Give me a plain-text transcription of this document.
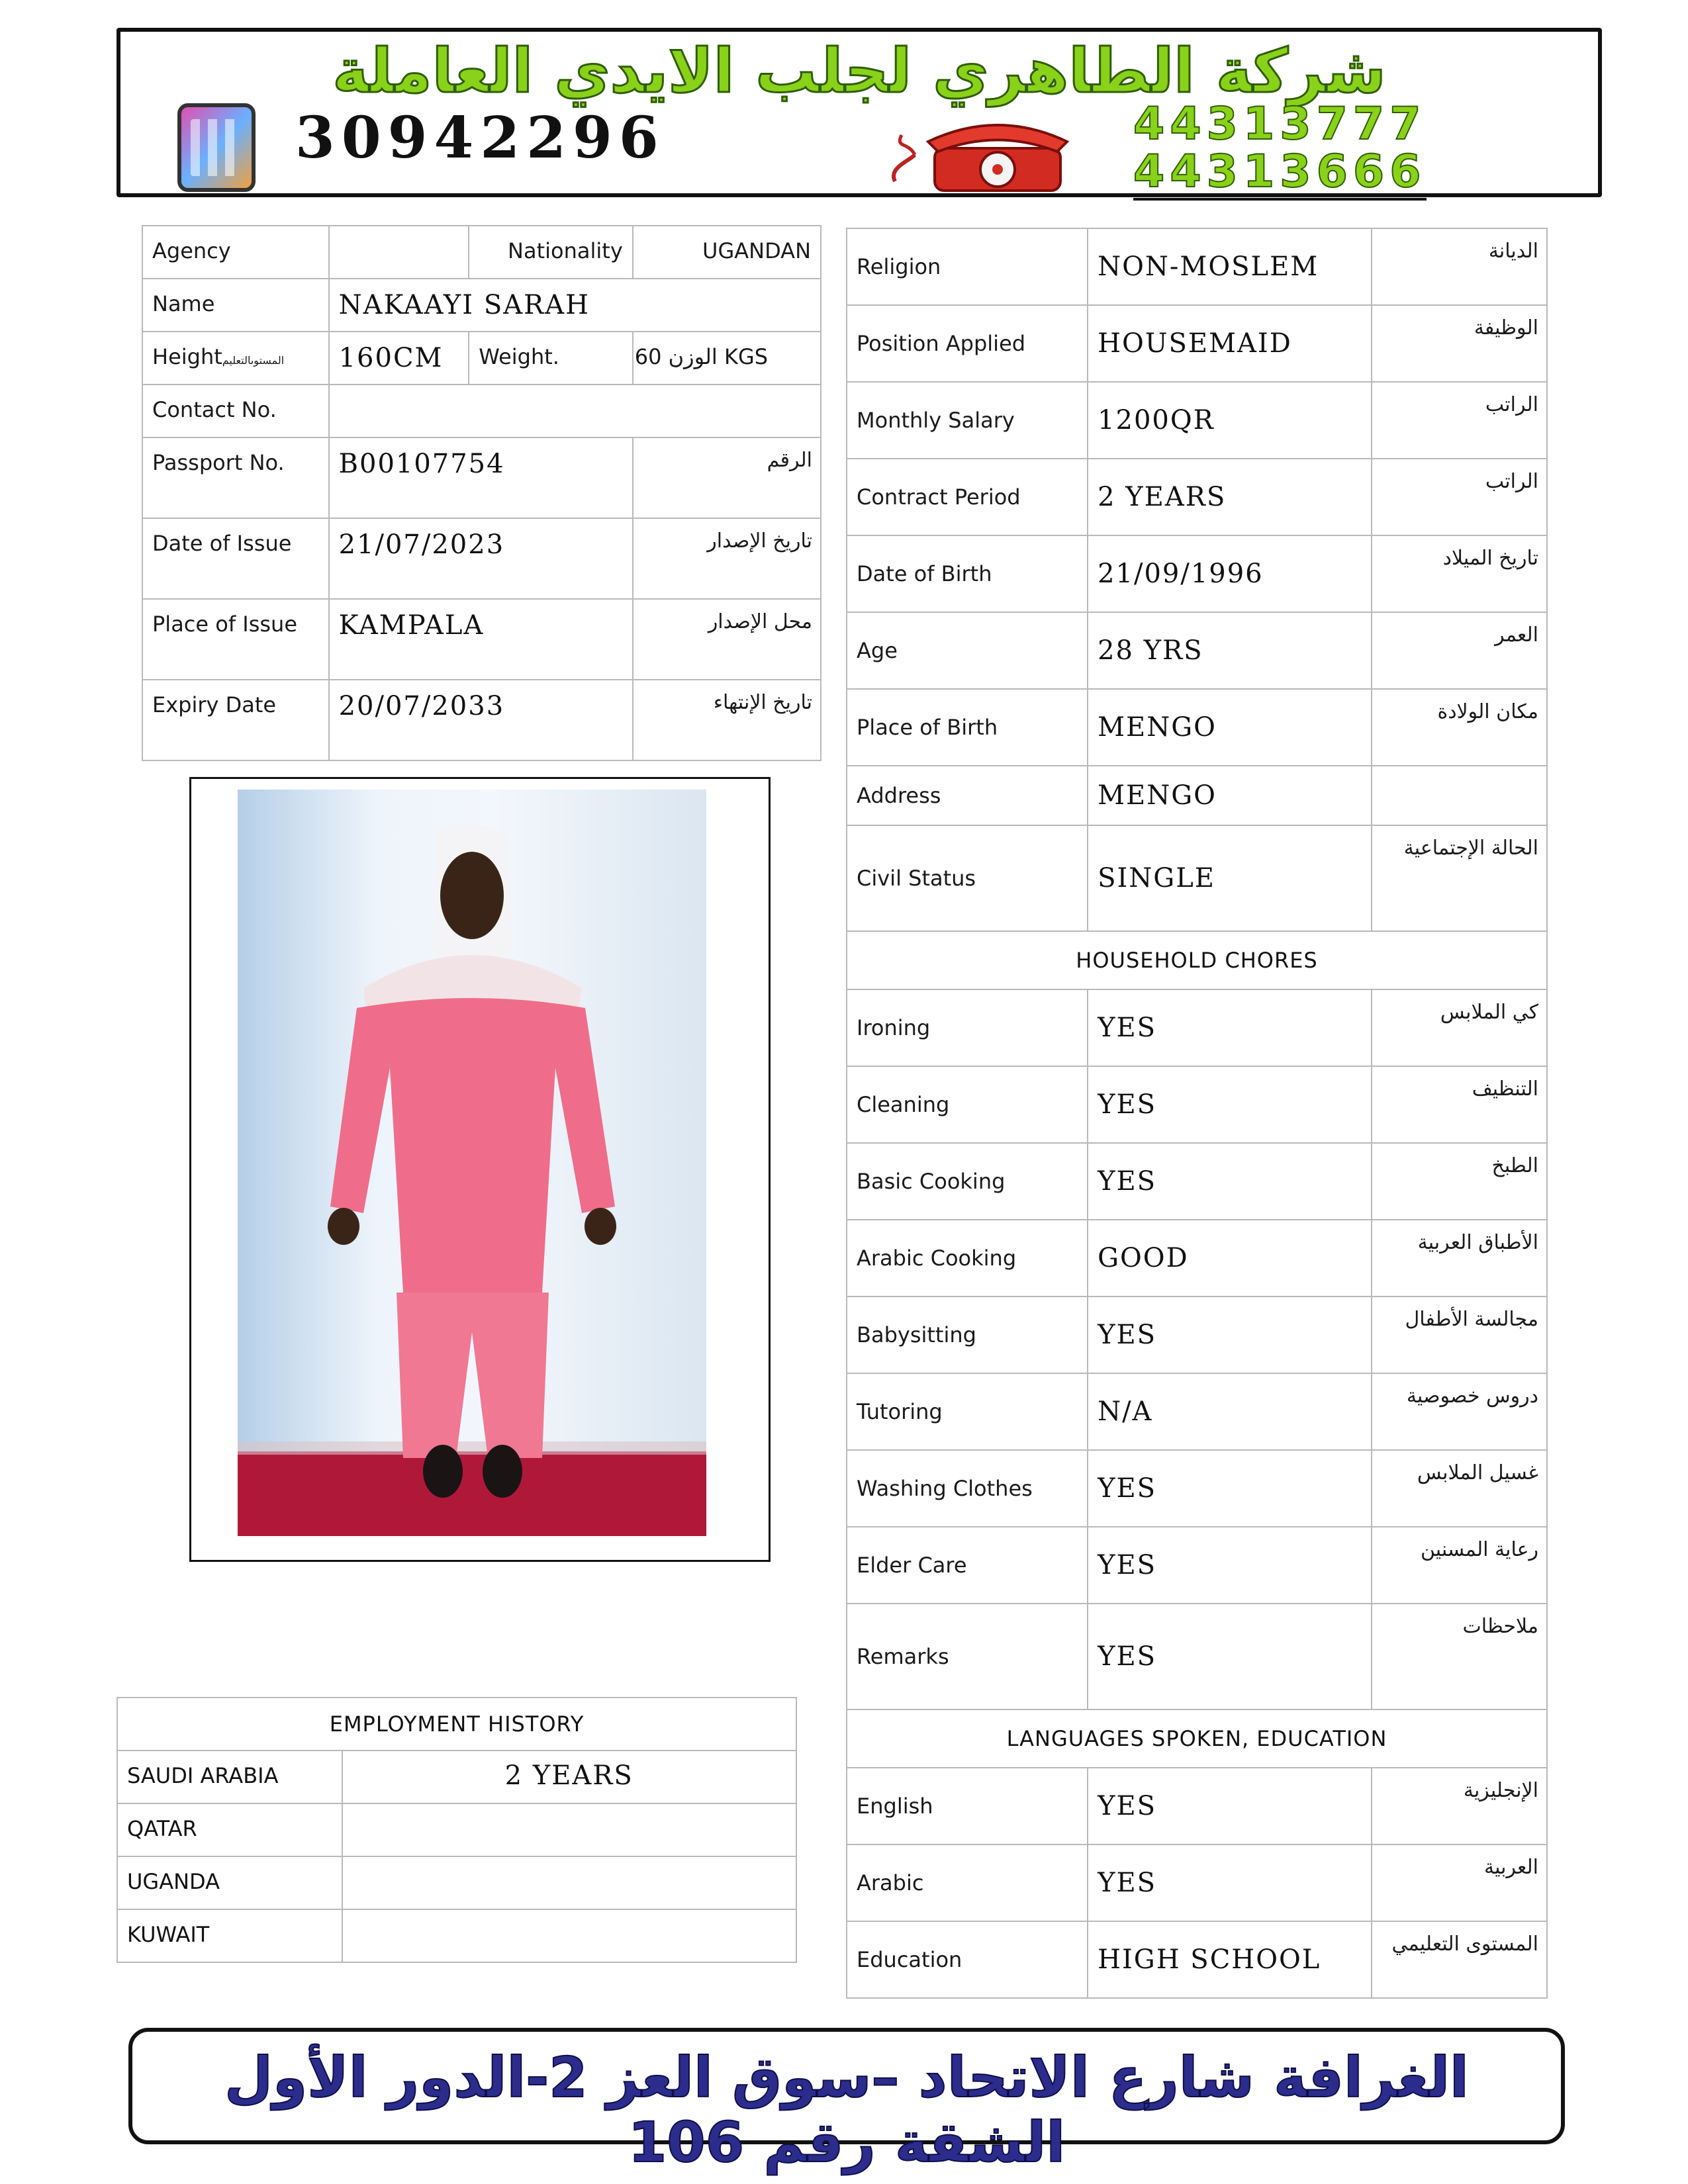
شركة الطاهري لجلب الايدي العاملة
30942296	44313777
44313666
Agency		Nationality	UGANDAN
Name	NAKAAYI SARAH		
Heightالمستوىالتعليم	160CM	Weight.	60 الوزن KGS
Contact No.			
Passport No.	B00107754		الرقم
Date of Issue	21/07/2023		تاريخ الإصدار
Place of Issue	KAMPALA		محل الإصدار
Expiry Date	20/07/2033		تاريخ الإنتهاء
Religion	NON-MOSLEM	الديانة
Position Applied	HOUSEMAID	الوظيفة
Monthly Salary	1200QR	الراتب
Contract Period	2 YEARS	الراتب
Date of Birth	21/09/1996	تاريخ الميلاد
Age	28 YRS	العمر
Place of Birth	MENGO	مكان الولادة
Address	MENGO	
Civil Status	SINGLE	الحالة الإجتماعية
HOUSEHOLD CHORES		
Ironing	YES	كي الملابس
Cleaning	YES	التنظيف
Basic Cooking	YES	الطبخ
Arabic Cooking	GOOD	الأطباق العربية
Babysitting	YES	مجالسة الأطفال
Tutoring	N/A	دروس خصوصية
Washing Clothes	YES	غسيل الملابس
Elder Care	YES	رعاية المسنين
Remarks	YES	ملاحظات
LANGUAGES SPOKEN, EDUCATION		
English	YES	الإنجليزية
Arabic	YES	العربية
Education	HIGH SCHOOL	المستوى التعليمي
EMPLOYMENT HISTORY	
SAUDI ARABIA	2 YEARS
QATAR	
UGANDA	
KUWAIT	
الغرافة شارع الاتحاد –سوق العز 2-الدور الأول الشقة رقم 106
